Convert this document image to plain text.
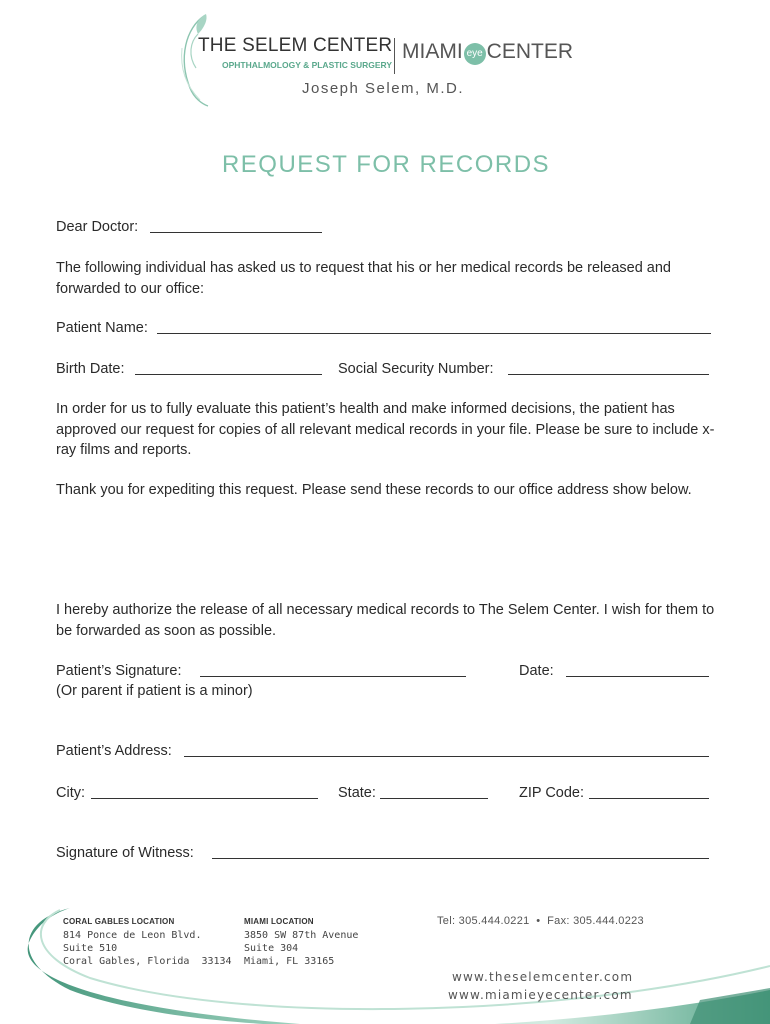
THE SELEM CENTER
OPHTHALMOLOGY & PLASTIC SURGERY
MIAMI eye CENTER
Joseph Selem, M.D.
REQUEST FOR RECORDS
Dear Doctor:
The following individual has asked us to request that his or her medical records be released and forwarded to our office:
Patient Name:
Birth Date:	Social Security Number:
In order for us to fully evaluate this patient’s health and make informed decisions, the patient has approved our request for copies of all relevant medical records in your file. Please be sure to include x-ray films and reports.
Thank you for expediting this request. Please send these records to our office address show below.
I hereby authorize the release of all necessary medical records to The Selem Center. I wish for them to be forwarded as soon as possible.
Patient’s Signature:
(Or parent if patient is a minor)
Date:
Patient’s Address:
City:	State:	ZIP Code:
Signature of Witness:
CORAL GABLES LOCATION
814 Ponce de Leon Blvd.
Suite 510
Coral Gables, Florida  33134
MIAMI LOCATION
3850 SW 87th Avenue
Suite 304
Miami, FL 33165
Tel: 305.444.0221  •  Fax: 305.444.0223
www.theselemcenter.com
www.miamieyecenter.com
